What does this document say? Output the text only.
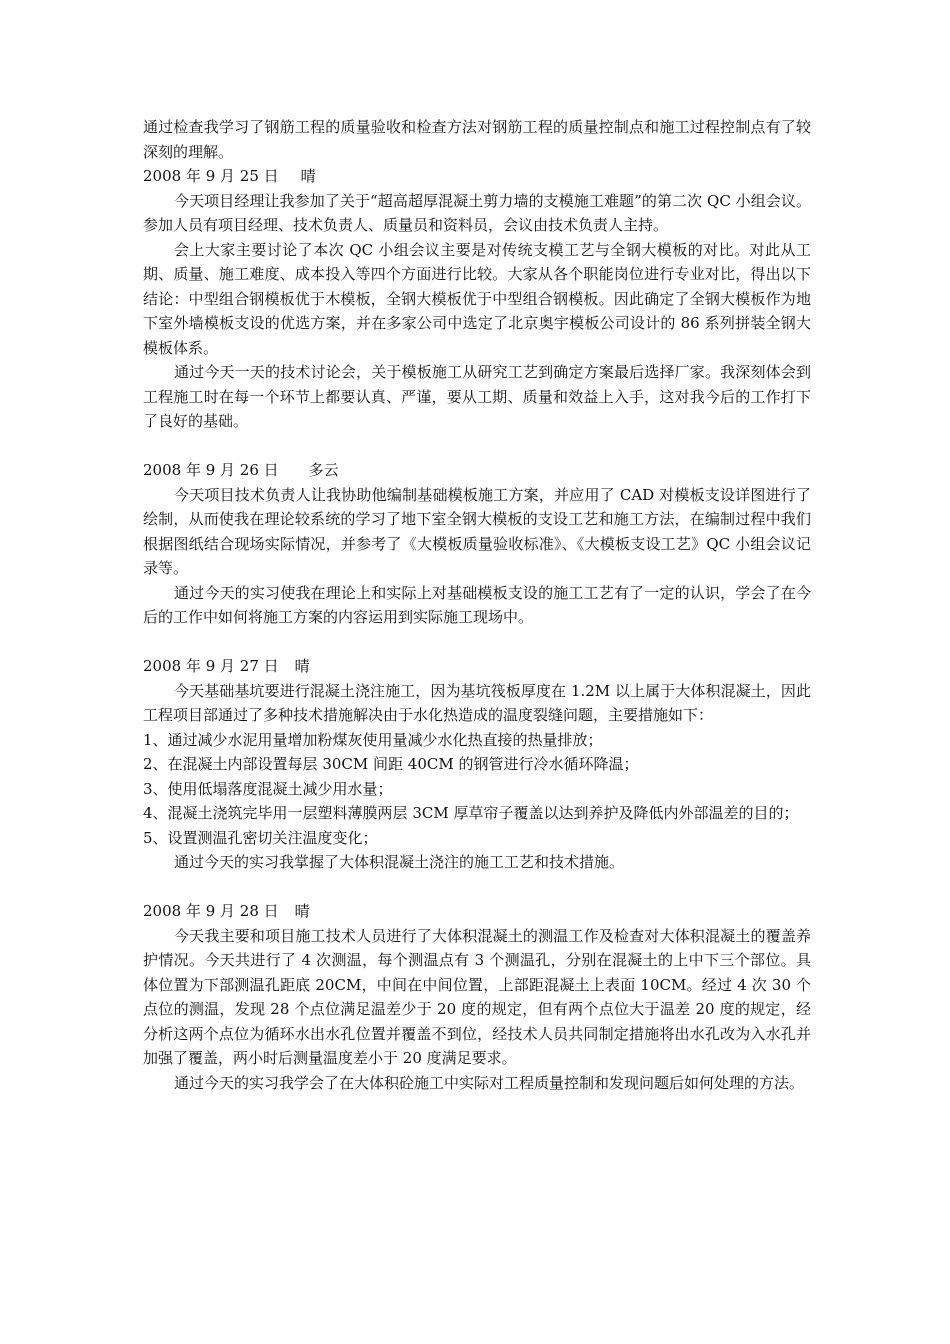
通过检查我学习了钢筋工程的质量验收和检查方法对钢筋工程的质量控制点和施工过程控制点有了较深刻的理解。

2008 年 9 月 25 日 晴

今天项目经理让我参加了关于“超高超厚混凝土剪力墙的支模施工难题”的第二次 QC 小组会议。参加人员有项目经理、技术负责人、质量员和资料员，会议由技术负责人主持。

会上大家主要讨论了本次 QC 小组会议主要是对传统支模工艺与全钢大模板的对比。对此从工期、质量、施工难度、成本投入等四个方面进行比较。大家从各个职能岗位进行专业对比，得出以下结论：中型组合钢模板优于木模板，全钢大模板优于中型组合钢模板。因此确定了全钢大模板作为地下室外墙模板支设的优选方案，并在多家公司中选定了北京奥宇模板公司设计的 86 系列拼装全钢大模板体系。

通过今天一天的技术讨论会，关于模板施工从研究工艺到确定方案最后选择厂家。我深刻体会到工程施工时在每一个环节上都要认真、严谨，要从工期、质量和效益上入手，这对我今后的工作打下了良好的基础。

2008 年 9 月 26 日 多云

今天项目技术负责人让我协助他编制基础模板施工方案，并应用了 CAD 对模板支设详图进行了绘制，从而使我在理论较系统的学习了地下室全钢大模板的支设工艺和施工方法，在编制过程中我们根据图纸结合现场实际情况，并参考了《大模板质量验收标准》、《大模板支设工艺》QC 小组会议记录等。

通过今天的实习使我在理论上和实际上对基础模板支设的施工工艺有了一定的认识，学会了在今后的工作中如何将施工方案的内容运用到实际施工现场中。

2008 年 9 月 27 日 晴

今天基础基坑要进行混凝土浇注施工，因为基坑筏板厚度在 1.2M 以上属于大体积混凝土，因此工程项目部通过了多种技术措施解决由于水化热造成的温度裂缝问题，主要措施如下：

1、通过减少水泥用量增加粉煤灰使用量减少水化热直接的热量排放；

2、在混凝土内部设置每层 30CM 间距 40CM 的钢管进行冷水循环降温；

3、使用低塌落度混凝土减少用水量；

4、混凝土浇筑完毕用一层塑料薄膜两层 3CM 厚草帘子覆盖以达到养护及降低内外部温差的目的；

5、设置测温孔密切关注温度变化；

通过今天的实习我掌握了大体积混凝土浇注的施工工艺和技术措施。

2008 年 9 月 28 日 晴

今天我主要和项目施工技术人员进行了大体积混凝土的测温工作及检查对大体积混凝土的覆盖养护情况。今天共进行了 4 次测温，每个测温点有 3 个测温孔，分别在混凝土的上中下三个部位。具体位置为下部测温孔距底 20CM，中间在中间位置，上部距混凝土上表面 10CM。经过 4 次 30 个点位的测温，发现 28 个点位满足温差少于 20 度的规定，但有两个点位大于温差 20 度的规定，经分析这两个点位为循环水出水孔位置并覆盖不到位，经技术人员共同制定措施将出水孔改为入水孔并加强了覆盖，两小时后测量温度差小于 20 度满足要求。

通过今天的实习我学会了在大体积砼施工中实际对工程质量控制和发现问题后如何处理的方法。
